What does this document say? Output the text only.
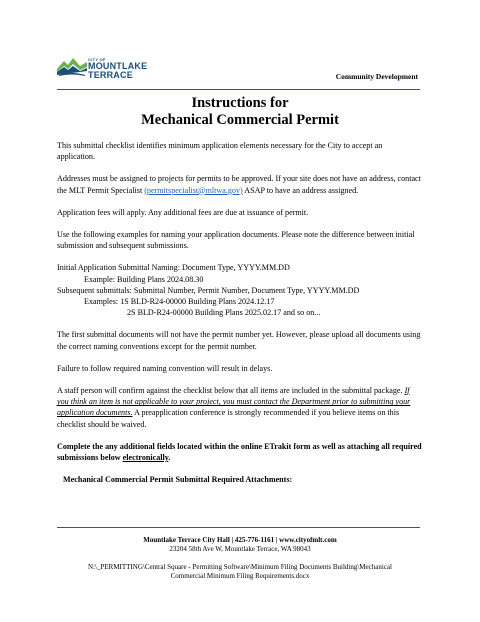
CITY OF
MOUNTLAKE
TERRACE	Community Development
Instructions for
Mechanical Commercial Permit

This submittal checklist identifies minimum application elements necessary for the City to accept an application.

Addresses must be assigned to projects for permits to be approved. If your site does not have an address, contact the MLT Permit Specialist (permitspecialist@mltwa.gov) ASAP to have an address assigned.

Application fees will apply. Any additional fees are due at issuance of permit.

Use the following examples for naming your application documents. Please note the difference between initial submission and subsequent submissions.

Initial Application Submittal Naming: Document Type, YYYY.MM.DD
Example: Building Plans 2024.08.30
Subsequent submittals: Submittal Number, Permit Number, Document Type, YYYY.MM.DD
Examples: 1S BLD-R24-00000 Building Plans 2024.12.17
2S BLD-R24-00000 Building Plans 2025.02.17 and so on...

The first submittal documents will not have the permit number yet. However, please upload all documents using the correct naming conventions except for the permit number.

Failure to follow required naming convention will result in delays.

A staff person will confirm against the checklist below that all items are included in the submittal package. If you think an item is not applicable to your project, you must contact the Department prior to submitting your application documents. A preapplication conference is strongly recommended if you believe items on this checklist should be waived.

Complete the any additional fields located within the online ETrakit form as well as attaching all required submissions below electronically.

Mechanical Commercial Permit Submittal Required Attachments:
Mountlake Terrace City Hall | 425-776-1161 | www.cityofmlt.com
23204 58th Ave W, Mountlake Terrace, WA 98043
N:\_PERMITTING\Central Square - Permitting Software\Minimum Filing Documents Building\Mechanical
Commercial Minimum Filing Requirements.docx
